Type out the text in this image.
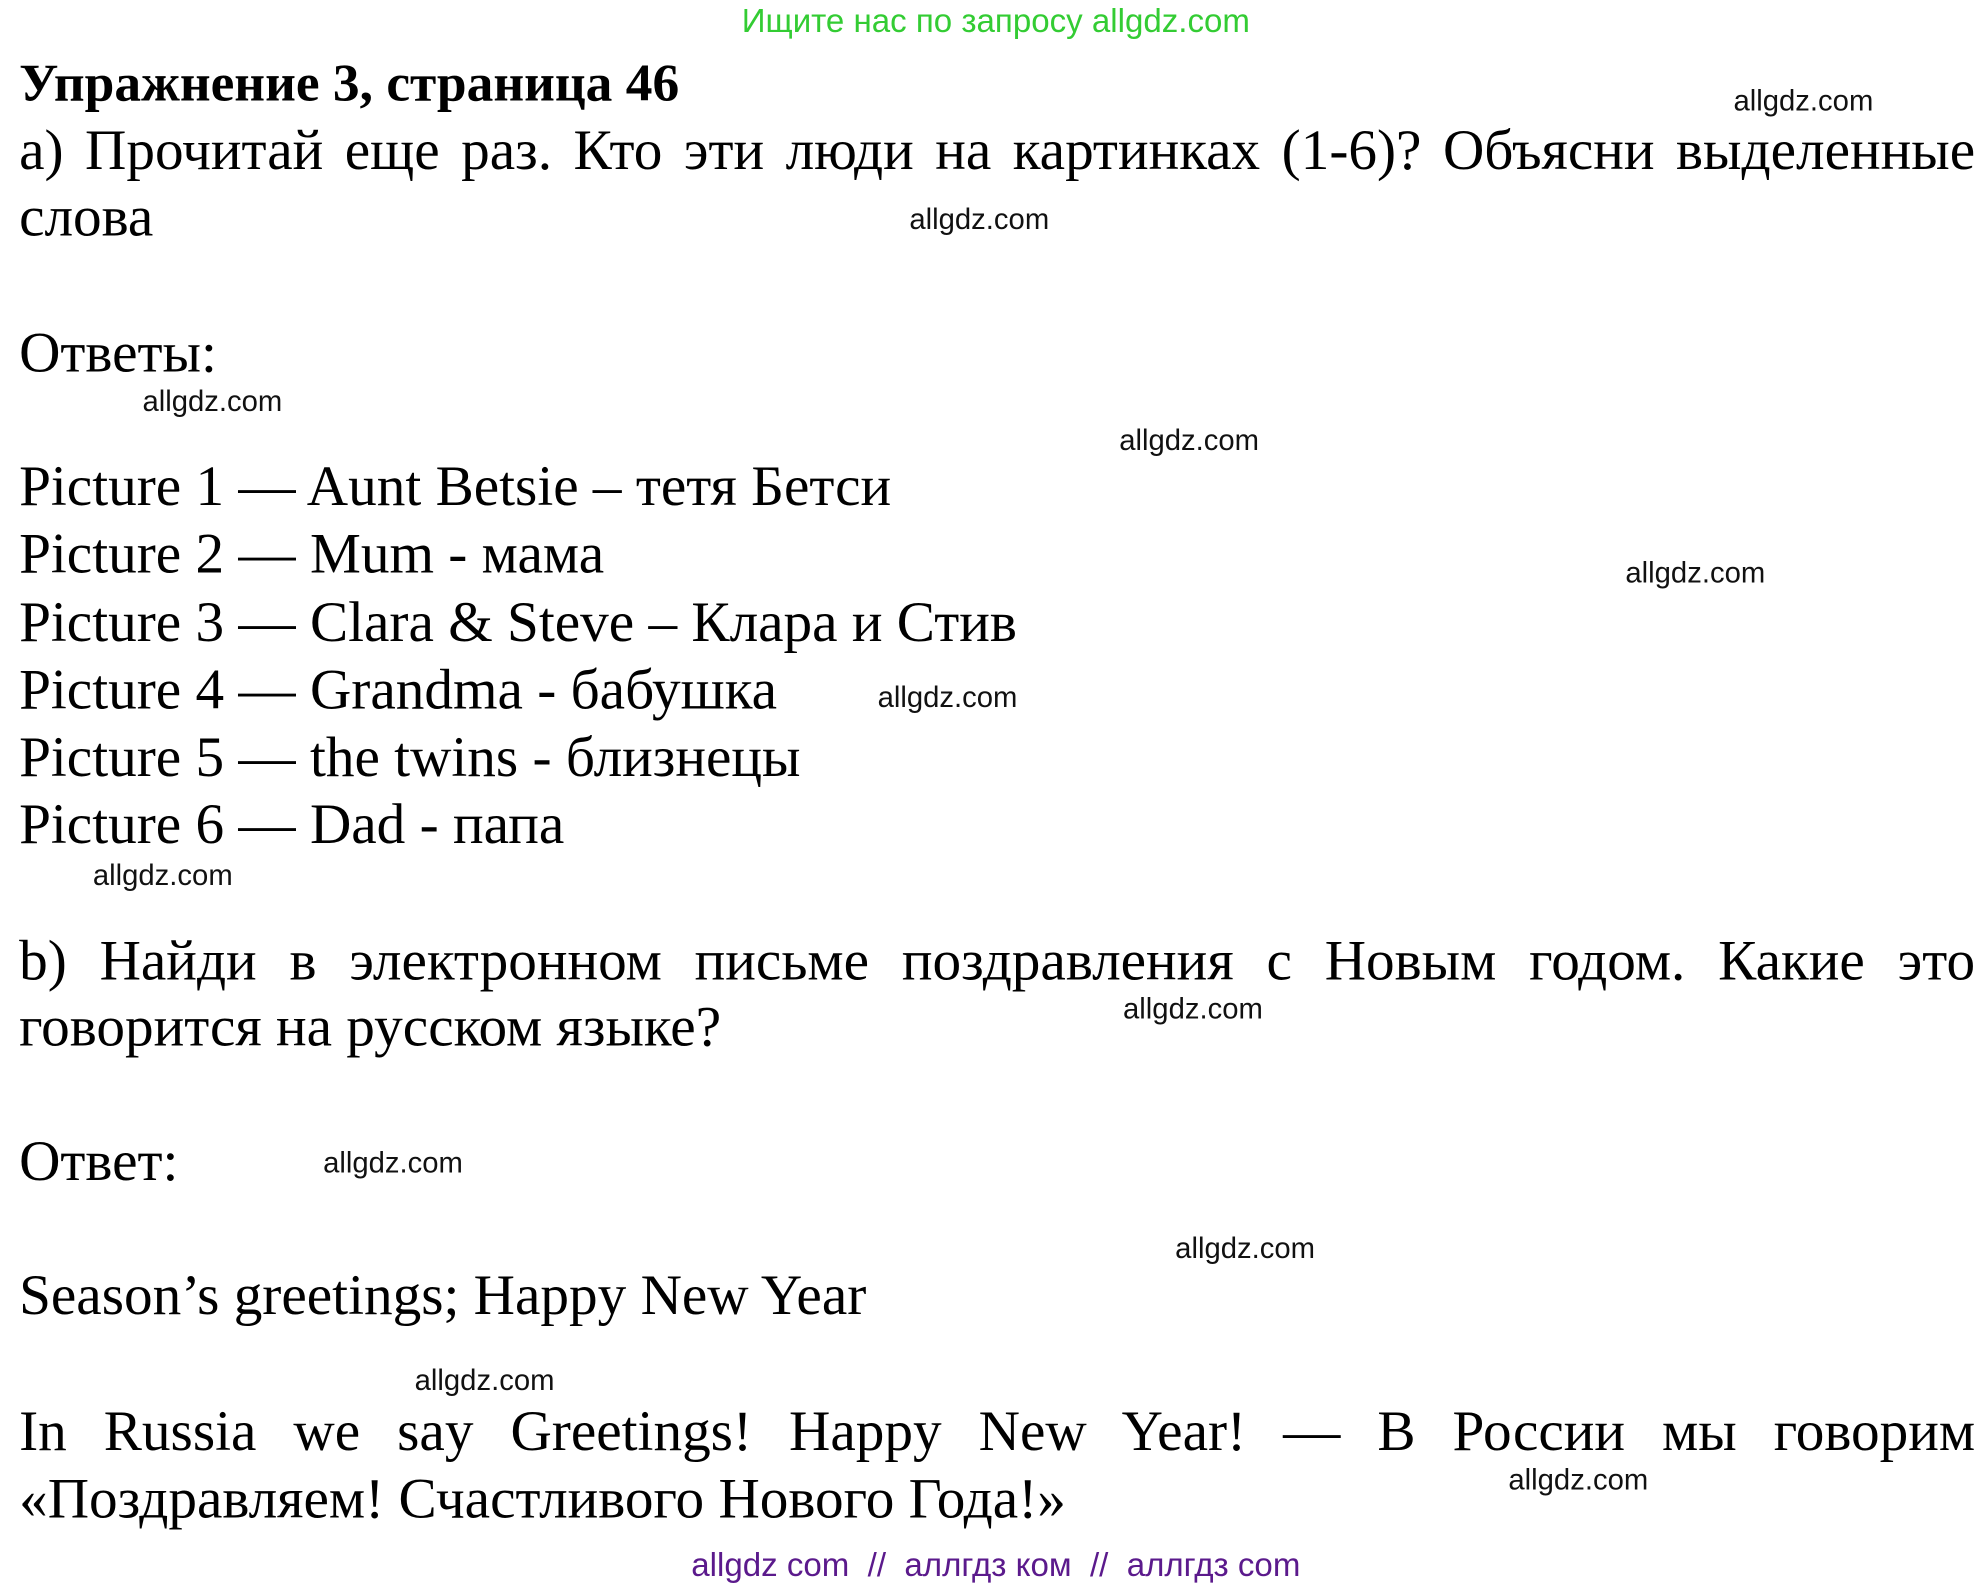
Ищите нас по запросу allgdz.com
Упражнение 3, страница 46
а) Прочитай еще раз. Кто эти люди на картинках (1-6)? Объясни выделенные
слова
Ответы:
Picture 1 — Aunt Betsie – тетя Бетси
Picture 2 — Mum - мама
Picture 3 — Clara & Steve – Клара и Стив
Picture 4 — Grandma - бабушка
Picture 5 — the twins - близнецы
Picture 6 — Dad - папа
b) Найди в электронном письме поздравления с Новым годом. Какие это
говорится на русском языке?
Ответ:
Season’s greetings; Happy New Year
In Russia we say Greetings! Happy New Year! — В России мы говорим
«Поздравляем! Счастливого Нового Года!»
allgdz.com
allgdz.com
allgdz.com
allgdz.com
allgdz.com
allgdz.com
allgdz.com
allgdz.com
allgdz.com
allgdz.com
allgdz.com
allgdz.com
allgdz com  //  аллгдз ком  //  аллгдз com
